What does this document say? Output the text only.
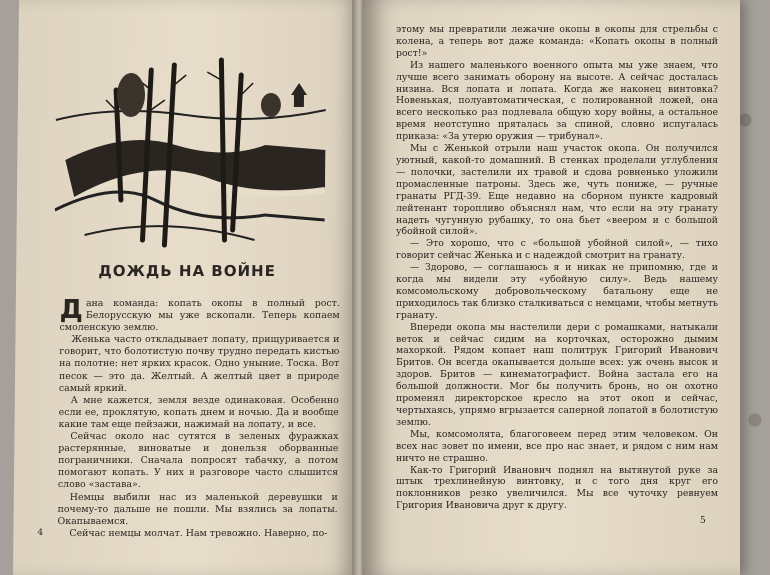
ДОЖДЬ НА ВОЙНЕ

Дана команда: копать окопы в полный рост. Белорусскую мы уже вскопали. Теперь копаем смоленскую землю.

Женька часто откладывает лопату, прищуривается и говорит, что болотистую почву трудно передать кистью на полотне: нет ярких красок. Одно уныние. Тоска. Вот песок — это да. Желтый. А желтый цвет в природе самый яркий.

А мне кажется, земля везде одинаковая. Особенно если ее, проклятую, копать днем и ночью. Да и вообще какие там еще пейзажи, нажимай на лопату, и все.

Сейчас около нас сутятся в зеленых фуражках растерянные, виноватые и донельзя оборванные пограничники. Сначала попросят табачку, а потом помогают копать. У них в разговоре часто слышится слово «застава».

Немцы выбили нас из маленькой деревушки и почему-то дальше не пошли. Мы взялись за лопаты. Окапываемся.

Сейчас немцы молчат. Нам тревожно. Наверно, по-

4
5

этому мы превратили лежачие окопы в окопы для стрельбы с колена, а теперь вот даже команда: «Копать окопы в полный рост!»

Из нашего маленького военного опыта мы уже знаем, что лучше всего занимать оборону на высоте. А сейчас досталась низина. Вся лопата и лопата. Когда же наконец винтовка? Новенькая, полуавтоматическая, с полированной ложей, она всего несколько раз подлевала общую хору войны, а остальное время неотступно пряталась за спиной, словно испугалась приказа: «За утерю оружия — трибунал».

Мы с Женькой отрыли наш участок окопа. Он получился уютный, какой-то домашний. В стенках проделали углубления — полочки, застелили их травой и сдова ровненько уложили промасленные патроны. Здесь же, чуть пониже, — ручные гранаты РГД-39. Еще недавно на сборном пункте кадровый лейтенант торопливо объяснял нам, что если на эту гранату надеть чугунную рубашку, то она бьет «веером и с большой убойной силой».

— Это хорошо, что с «большой убойной силой», — тихо говорит сейчас Женька и с надеждой смотрит на гранату.

— Здорово, — соглашаюсь я и никак не припомню, где и когда мы видели эту «убойную силу». Ведь нашему комсомольскому добровольческому батальону еще не приходилось так близко сталкиваться с немцами, чтобы метнуть гранату.

Впереди окопа мы настелили дери с ромашками, натыкали веток и сейчас сидим на корточках, осторожно дымим махоркой. Рядом копает наш политрук Григорий Иванович Бритов. Он всегда окапывается дольше всех: уж очень высок и здоров. Бритов — кинематографист. Война застала его на большой должности. Мог бы получить бронь, но он охотно променял директорское кресло на этот окоп и сейчас, чертыхаясь, упрямо вгрызается саперной лопатой в болотистую землю.

Мы, комсомолята, благоговеем перед этим человеком. Он всех нас зовет по имени, все про нас знает, и рядом с ним нам ничто не страшно.

Как-то Григорий Иванович поднял на вытянутой руке за штык трехлинейную винтовку, и с того дня круг его поклонников резко увеличился. Мы все чуточку ревнуем Григория Ивановича друг к другу.
